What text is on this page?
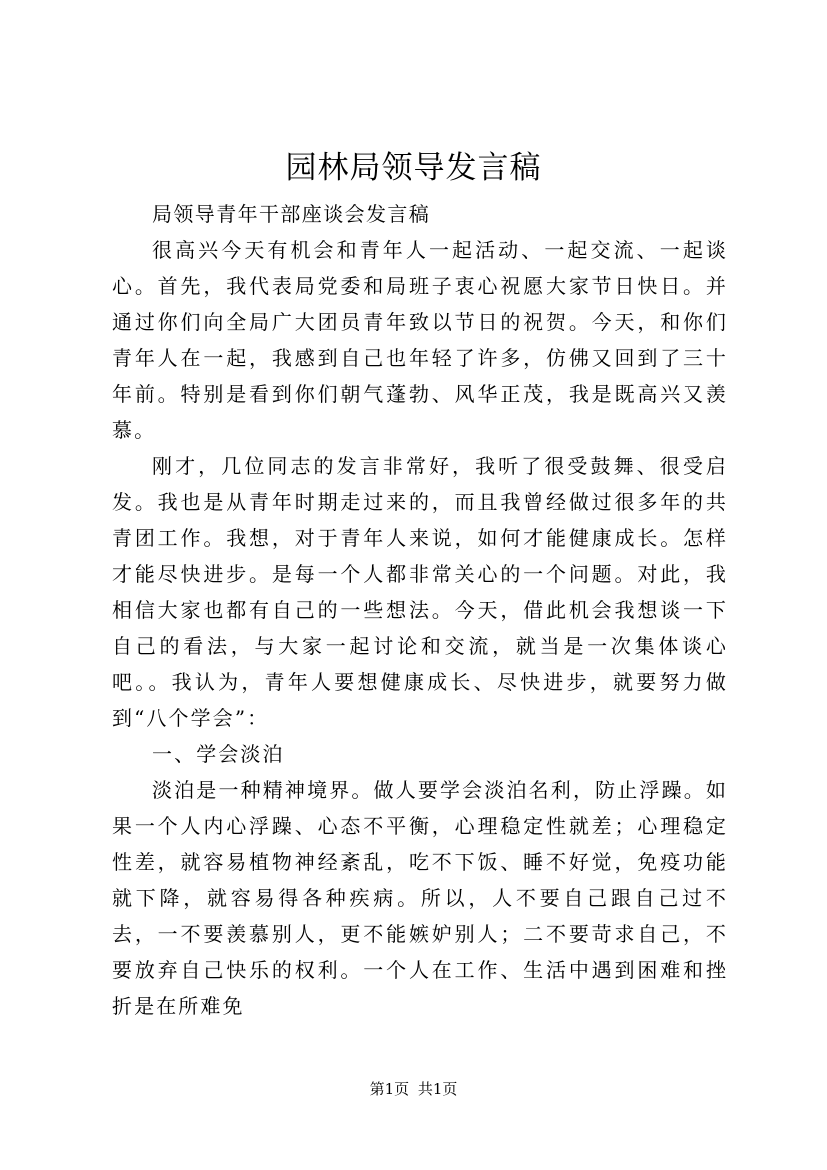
园林局领导发言稿

局领导青年干部座谈会发言稿

很高兴今天有机会和青年人一起活动、一起交流、一起谈心。首先，我代表局党委和局班子衷心祝愿大家节日快日。并通过你们向全局广大团员青年致以节日的祝贺。今天，和你们青年人在一起，我感到自己也年轻了许多，仿佛又回到了三十年前。特别是看到你们朝气蓬勃、风华正茂，我是既高兴又羡慕。

刚才，几位同志的发言非常好，我听了很受鼓舞、很受启发。我也是从青年时期走过来的，而且我曾经做过很多年的共青团工作。我想，对于青年人来说，如何才能健康成长。怎样才能尽快进步。是每一个人都非常关心的一个问题。对此，我相信大家也都有自己的一些想法。今天，借此机会我想谈一下自己的看法，与大家一起讨论和交流，就当是一次集体谈心吧。。我认为，青年人要想健康成长、尽快进步，就要努力做到“八个学会”：

一、学会淡泊

淡泊是一种精神境界。做人要学会淡泊名利，防止浮躁。如果一个人内心浮躁、心态不平衡，心理稳定性就差；心理稳定性差，就容易植物神经紊乱，吃不下饭、睡不好觉，免疫功能就下降，就容易得各种疾病。所以，人不要自己跟自己过不去，一不要羡慕别人，更不能嫉妒别人；二不要苛求自己，不要放弃自己快乐的权利。一个人在工作、生活中遇到困难和挫折是在所难免

第1页 共1页
